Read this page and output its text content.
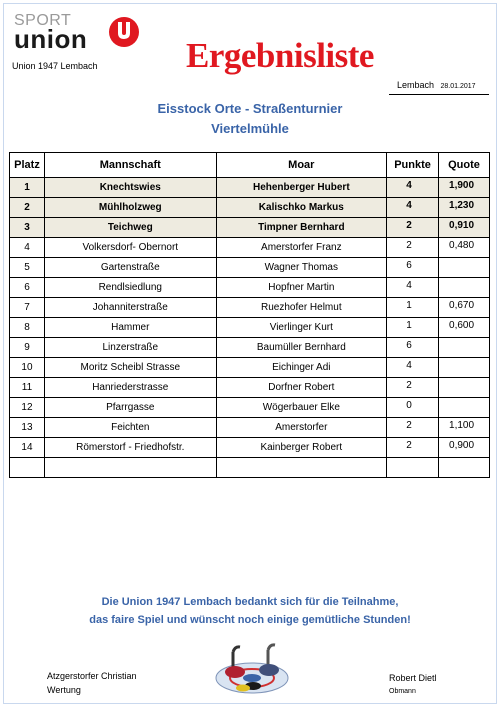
SPORT
union
Union 1947 Lembach	Ergebnisliste
Lembach 28.01.2017
Eisstock Orte - Straßenturnier
Viertelmühle
Platz	Mannschaft	Moar	Punkte	Quote
1	Knechtswies	Hehenberger Hubert	4	1,900
2	Mühlholzweg	Kalischko Markus	4	1,230
3	Teichweg	Timpner Bernhard	2	0,910
4	Volkersdorf- Obernort	Amerstorfer Franz	2	0,480
5	Gartenstraße	Wagner Thomas	6	
6	Rendlsiedlung	Hopfner Martin	4	
7	Johanniterstraße	Ruezhofer Helmut	1	0,670
8	Hammer	Vierlinger Kurt	1	0,600
9	Linzerstraße	Baumüller Bernhard	6	
10	Moritz Scheibl Strasse	Eichinger Adi	4	
11	Hanriederstrasse	Dorfner Robert	2	
12	Pfarrgasse	Wögerbauer Elke	0	
13	Feichten	Amerstorfer	2	1,100
14	Römerstorf - Friedhofstr.	Kainberger Robert	2	0,900

Die Union 1947 Lembach bedankt sich für die Teilnahme,
das faire Spiel und wünscht noch einige gemütliche Stunden!
Atzgerstorfer Christian
Wertung
Robert Dietl
Obmann
